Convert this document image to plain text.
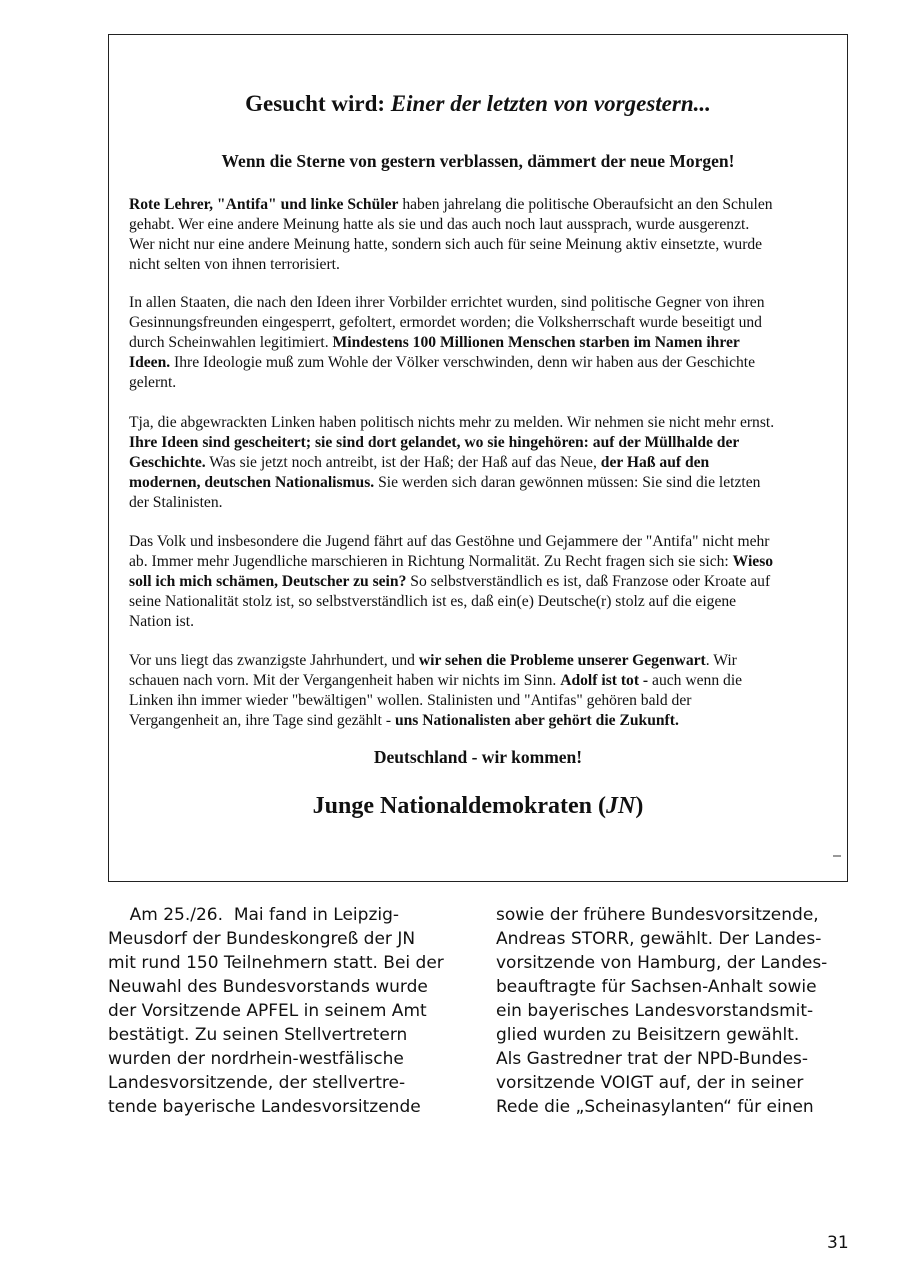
Gesucht wird: Einer der letzten von vorgestern...
Wenn die Sterne von gestern verblassen, dämmert der neue Morgen!
Rote Lehrer, "Antifa" und linke Schüler haben jahrelang die politische Oberaufsicht an den Schulen
gehabt. Wer eine andere Meinung hatte als sie und das auch noch laut aussprach, wurde ausgerenzt.
Wer nicht nur eine andere Meinung hatte, sondern sich auch für seine Meinung aktiv einsetzte, wurde
nicht selten von ihnen terrorisiert.
In allen Staaten, die nach den Ideen ihrer Vorbilder errichtet wurden, sind politische Gegner von ihren
Gesinnungsfreunden eingesperrt, gefoltert, ermordet worden; die Volksherrschaft wurde beseitigt und
durch Scheinwahlen legitimiert. Mindestens 100 Millionen Menschen starben im Namen ihrer
Ideen. Ihre Ideologie muß zum Wohle der Völker verschwinden, denn wir haben aus der Geschichte
gelernt.
Tja, die abgewrackten Linken haben politisch nichts mehr zu melden. Wir nehmen sie nicht mehr ernst.
Ihre Ideen sind gescheitert; sie sind dort gelandet, wo sie hingehören: auf der Müllhalde der
Geschichte. Was sie jetzt noch antreibt, ist der Haß; der Haß auf das Neue, der Haß auf den
modernen, deutschen Nationalismus. Sie werden sich daran gewönnen müssen: Sie sind die letzten
der Stalinisten.
Das Volk und insbesondere die Jugend fährt auf das Gestöhne und Gejammere der "Antifa" nicht mehr
ab. Immer mehr Jugendliche marschieren in Richtung Normalität. Zu Recht fragen sich sie sich: Wieso
soll ich mich schämen, Deutscher zu sein? So selbstverständlich es ist, daß Franzose oder Kroate auf
seine Nationalität stolz ist, so selbstverständlich ist es, daß ein(e) Deutsche(r) stolz auf die eigene
Nation ist.
Vor uns liegt das zwanzigste Jahrhundert, und wir sehen die Probleme unserer Gegenwart. Wir
schauen nach vorn. Mit der Vergangenheit haben wir nichts im Sinn. Adolf ist tot - auch wenn die
Linken ihn immer wieder "bewältigen" wollen. Stalinisten und "Antifas" gehören bald der
Vergangenheit an, ihre Tage sind gezählt - uns Nationalisten aber gehört die Zukunft.
Deutschland - wir kommen!
Junge Nationaldemokraten (JN)
Am 25./26.  Mai fand in Leipzig-
Meusdorf der Bundeskongreß der JN
mit rund 150 Teilnehmern statt. Bei der
Neuwahl des Bundesvorstands wurde
der Vorsitzende APFEL in seinem Amt
bestätigt. Zu seinen Stellvertretern
wurden der nordrhein-westfälische
Landesvorsitzende, der stellvertre-
tende bayerische Landesvorsitzende
sowie der frühere Bundesvorsitzende,
Andreas STORR, gewählt. Der Landes-
vorsitzende von Hamburg, der Landes-
beauftragte für Sachsen-Anhalt sowie
ein bayerisches Landesvorstandsmit-
glied wurden zu Beisitzern gewählt.
Als Gastredner trat der NPD-Bundes-
vorsitzende VOIGT auf, der in seiner
Rede die „Scheinasylanten“ für einen
31
